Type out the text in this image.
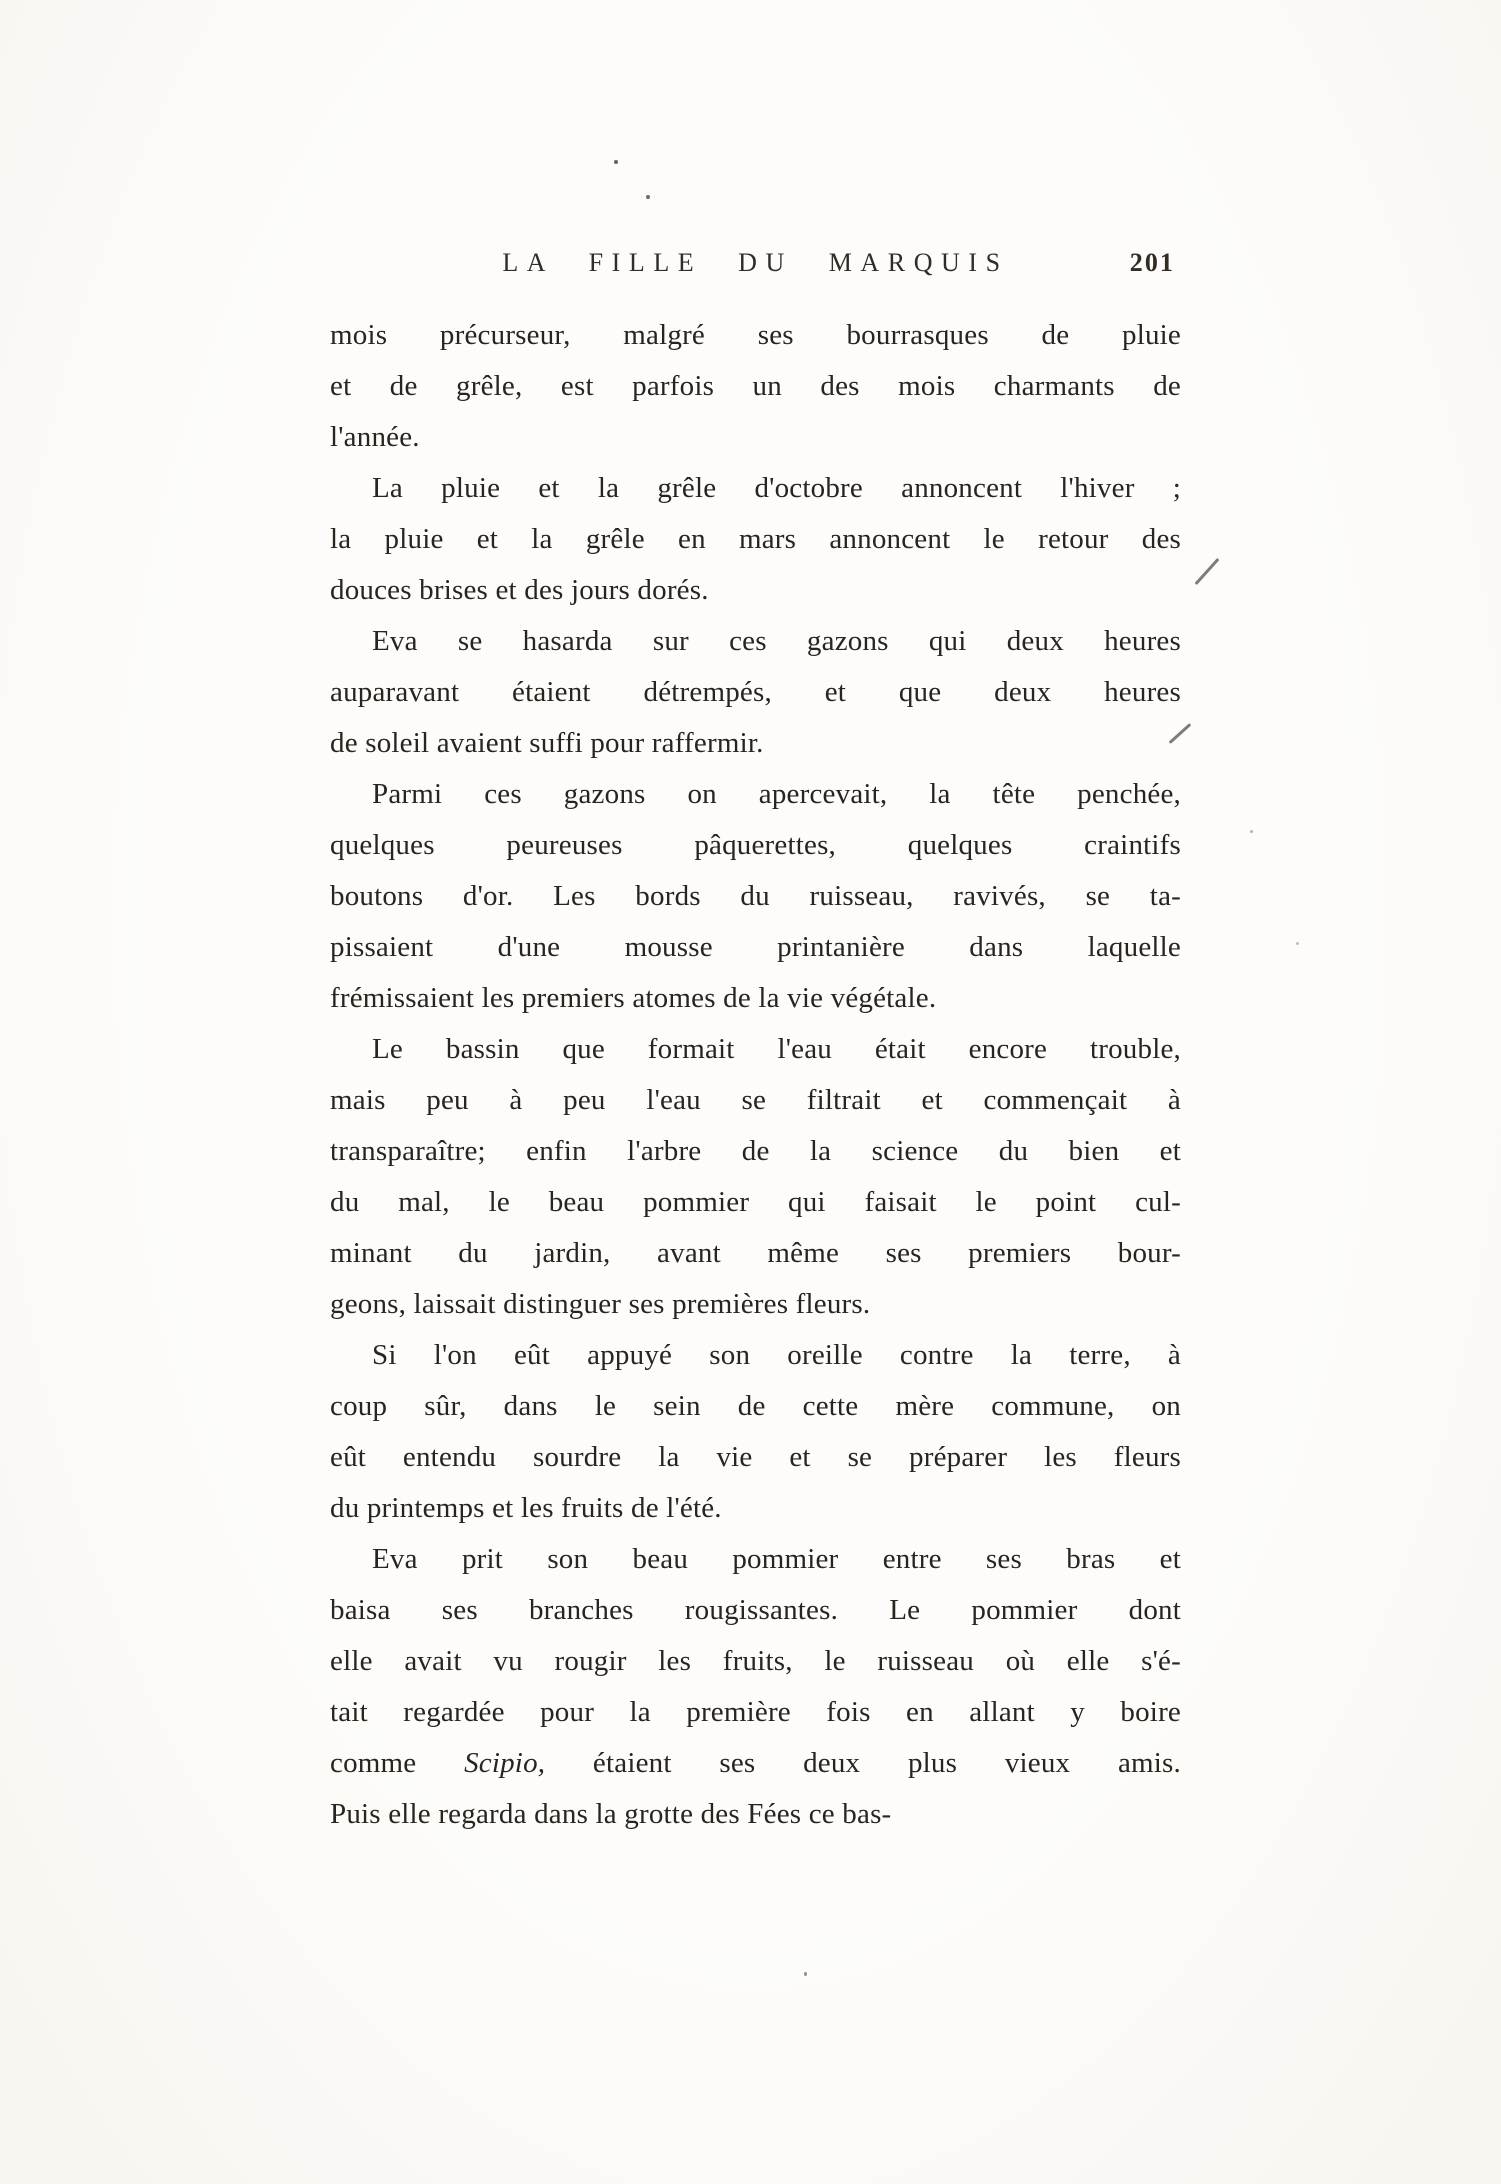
LA FILLE DU MARQUIS	201
mois précurseur, malgré ses bourrasques de pluie
et de grêle, est parfois un des mois charmants de
l'année.
La pluie et la grêle d'octobre annoncent l'hiver ;
la pluie et la grêle en mars annoncent le retour des
douces brises et des jours dorés.
Eva se hasarda sur ces gazons qui deux heures
auparavant étaient détrempés, et que deux heures
de soleil avaient suffi pour raffermir.
Parmi ces gazons on apercevait, la tête penchée,
quelques peureuses pâquerettes, quelques craintifs
boutons d'or. Les bords du ruisseau, ravivés, se ta-
pissaient d'une mousse printanière dans laquelle
frémissaient les premiers atomes de la vie végétale.
Le bassin que formait l'eau était encore trouble,
mais peu à peu l'eau se filtrait et commençait à
transparaître; enfin l'arbre de la science du bien et
du mal, le beau pommier qui faisait le point cul-
minant du jardin, avant même ses premiers bour-
geons, laissait distinguer ses premières fleurs.
Si l'on eût appuyé son oreille contre la terre, à
coup sûr, dans le sein de cette mère commune, on
eût entendu sourdre la vie et se préparer les fleurs
du printemps et les fruits de l'été.
Eva prit son beau pommier entre ses bras et
baisa ses branches rougissantes. Le pommier dont
elle avait vu rougir les fruits, le ruisseau où elle s'é-
tait regardée pour la première fois en allant y boire
comme Scipio, étaient ses deux plus vieux amis.
Puis elle regarda dans la grotte des Fées ce bas-
